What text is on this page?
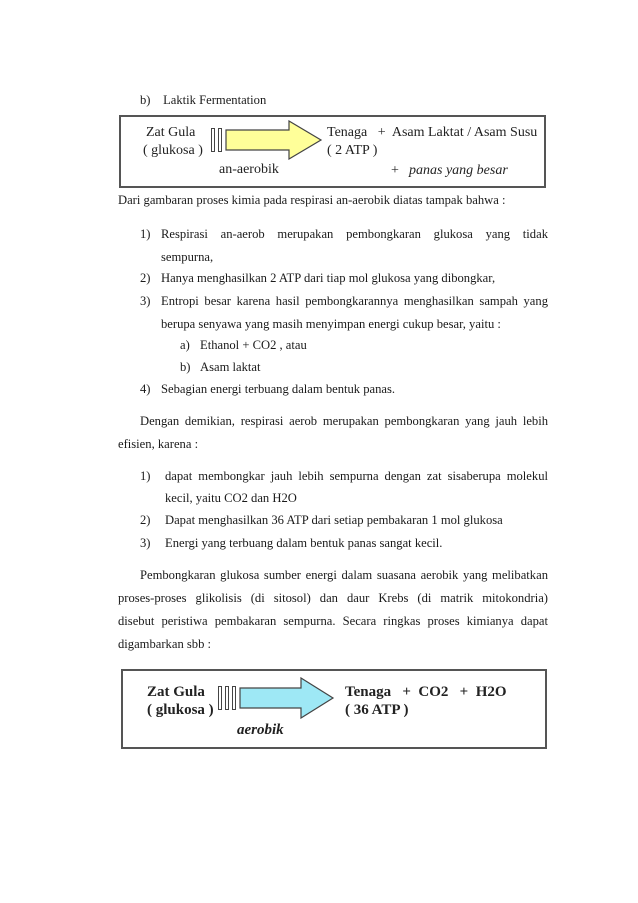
b)    Laktik Fermentation
Zat Gula
( glukosa )
an-aerobik
Tenaga   +  Asam Laktat / Asam Susu
( 2 ATP )
+ panas yang besar
Dari gambaran proses kimia pada respirasi an-aerobik diatas tampak bahwa :
1) Respirasi an-aerob merupakan pembongkaran glukosa yang tidak
sempurna,
2) Hanya menghasilkan 2 ATP dari tiap mol glukosa yang dibongkar,
3) Entropi besar karena hasil pembongkarannya menghasilkan sampah yang
berupa senyawa yang masih menyimpan energi cukup besar, yaitu :
a) Ethanol + CO2 , atau
b) Asam laktat
4) Sebagian energi terbuang dalam bentuk panas.
Dengan demikian, respirasi aerob merupakan pembongkaran yang jauh lebih
efisien, karena :
1) dapat membongkar jauh lebih sempurna dengan zat sisaberupa molekul
kecil, yaitu CO2 dan H2O
2) Dapat menghasilkan 36 ATP dari setiap pembakaran 1 mol glukosa
3) Energi yang terbuang dalam bentuk panas sangat kecil.
Pembongkaran glukosa sumber energi dalam suasana aerobik yang melibatkan
proses-proses glikolisis (di sitosol) dan daur Krebs (di matrik mitokondria)
disebut peristiwa pembakaran sempurna. Secara ringkas proses kimianya dapat
digambarkan sbb :
Zat Gula
( glukosa )
aerobik
Tenaga   +  CO2   +  H2O
( 36 ATP )
